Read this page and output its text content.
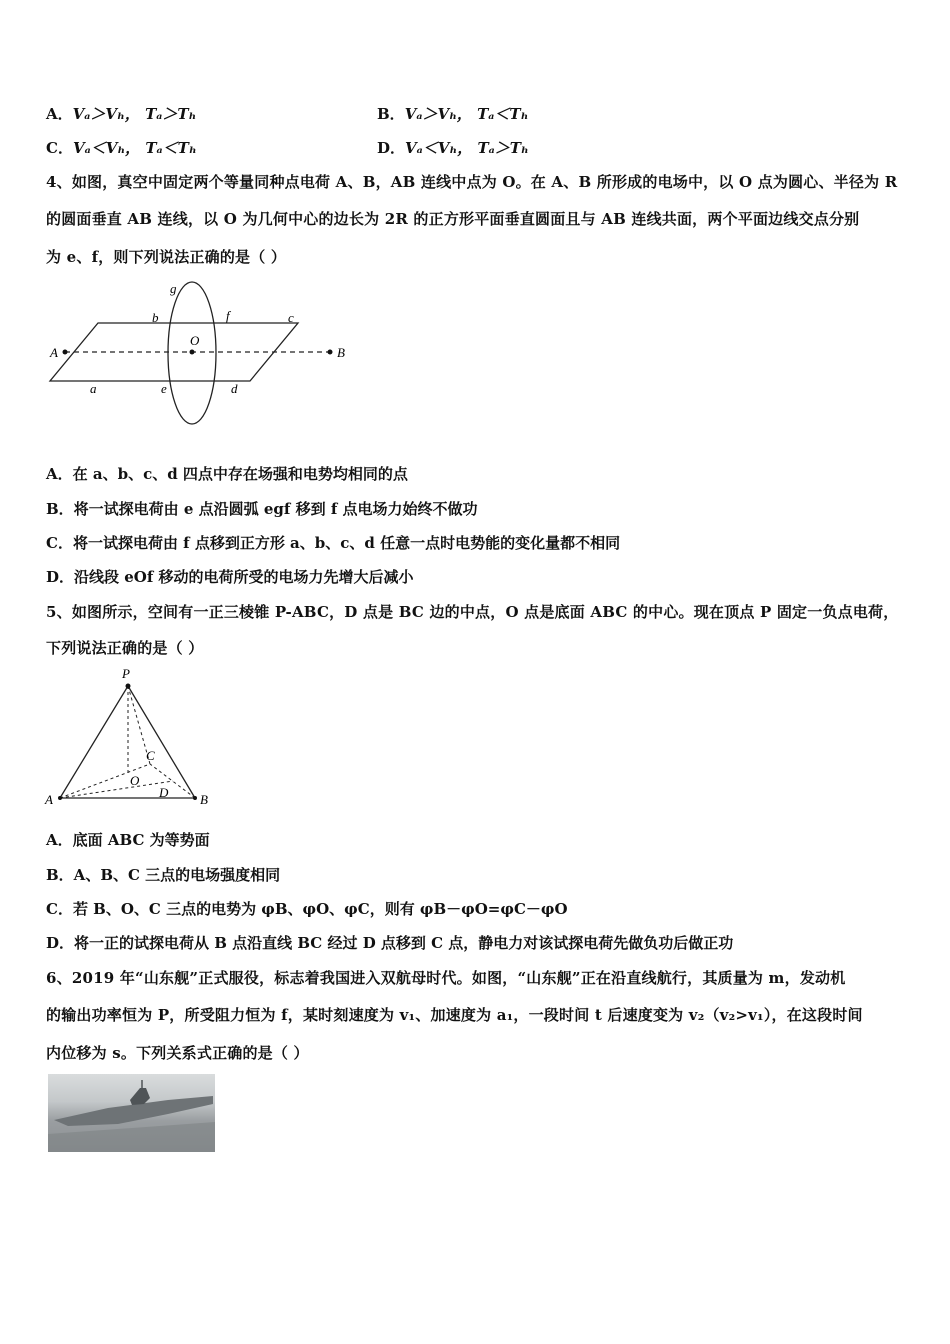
A．Vₐ＞Vₕ， Tₐ＞Tₕ	B．Vₐ＞Vₕ， Tₐ＜Tₕ
C．Vₐ＜Vₕ， Tₐ＜Tₕ	D．Vₐ＜Vₕ， Tₐ＞Tₕ
4、如图，真空中固定两个等量同种点电荷 A、B，AB 连线中点为 O。在 A、B 所形成的电场中，以 O 点为圆心、半径为 R
的圆面垂直 AB 连线，以 O 为几何中心的边长为 2R 的正方形平面垂直圆面且与 AB 连线共面，两个平面边线交点分别
为 e、f，则下列说法正确的是（ ）
A	B
O
g
b	f	c
a	e	d
A．在 a、b、c、d 四点中存在场强和电势均相同的点
B．将一试探电荷由 e 点沿圆弧 egf 移到 f 点电场力始终不做功
C．将一试探电荷由 f 点移到正方形 a、b、c、d 任意一点时电势能的变化量都不相同
D．沿线段 eOf 移动的电荷所受的电场力先增大后减小
5、如图所示，空间有一正三棱锥 P-ABC，D 点是 BC 边的中点，O 点是底面 ABC 的中心。现在顶点 P 固定一负点电荷，
下列说法正确的是（ ）
P
A	B
C
O
D
A．底面 ABC 为等势面
B．A、B、C 三点的电场强度相同
C．若 B、O、C 三点的电势为 φB、φO、φC，则有 φB－φO=φC－φO
D．将一正的试探电荷从 B 点沿直线 BC 经过 D 点移到 C 点，静电力对该试探电荷先做负功后做正功
6、2019 年“山东舰”正式服役，标志着我国进入双航母时代。如图，“山东舰”正在沿直线航行，其质量为 m，发动机
的输出功率恒为 P，所受阻力恒为 f，某时刻速度为 v₁、加速度为 a₁，一段时间 t 后速度变为 v₂（v₂>v₁），在这段时间
内位移为 s。下列关系式正确的是（ ）
